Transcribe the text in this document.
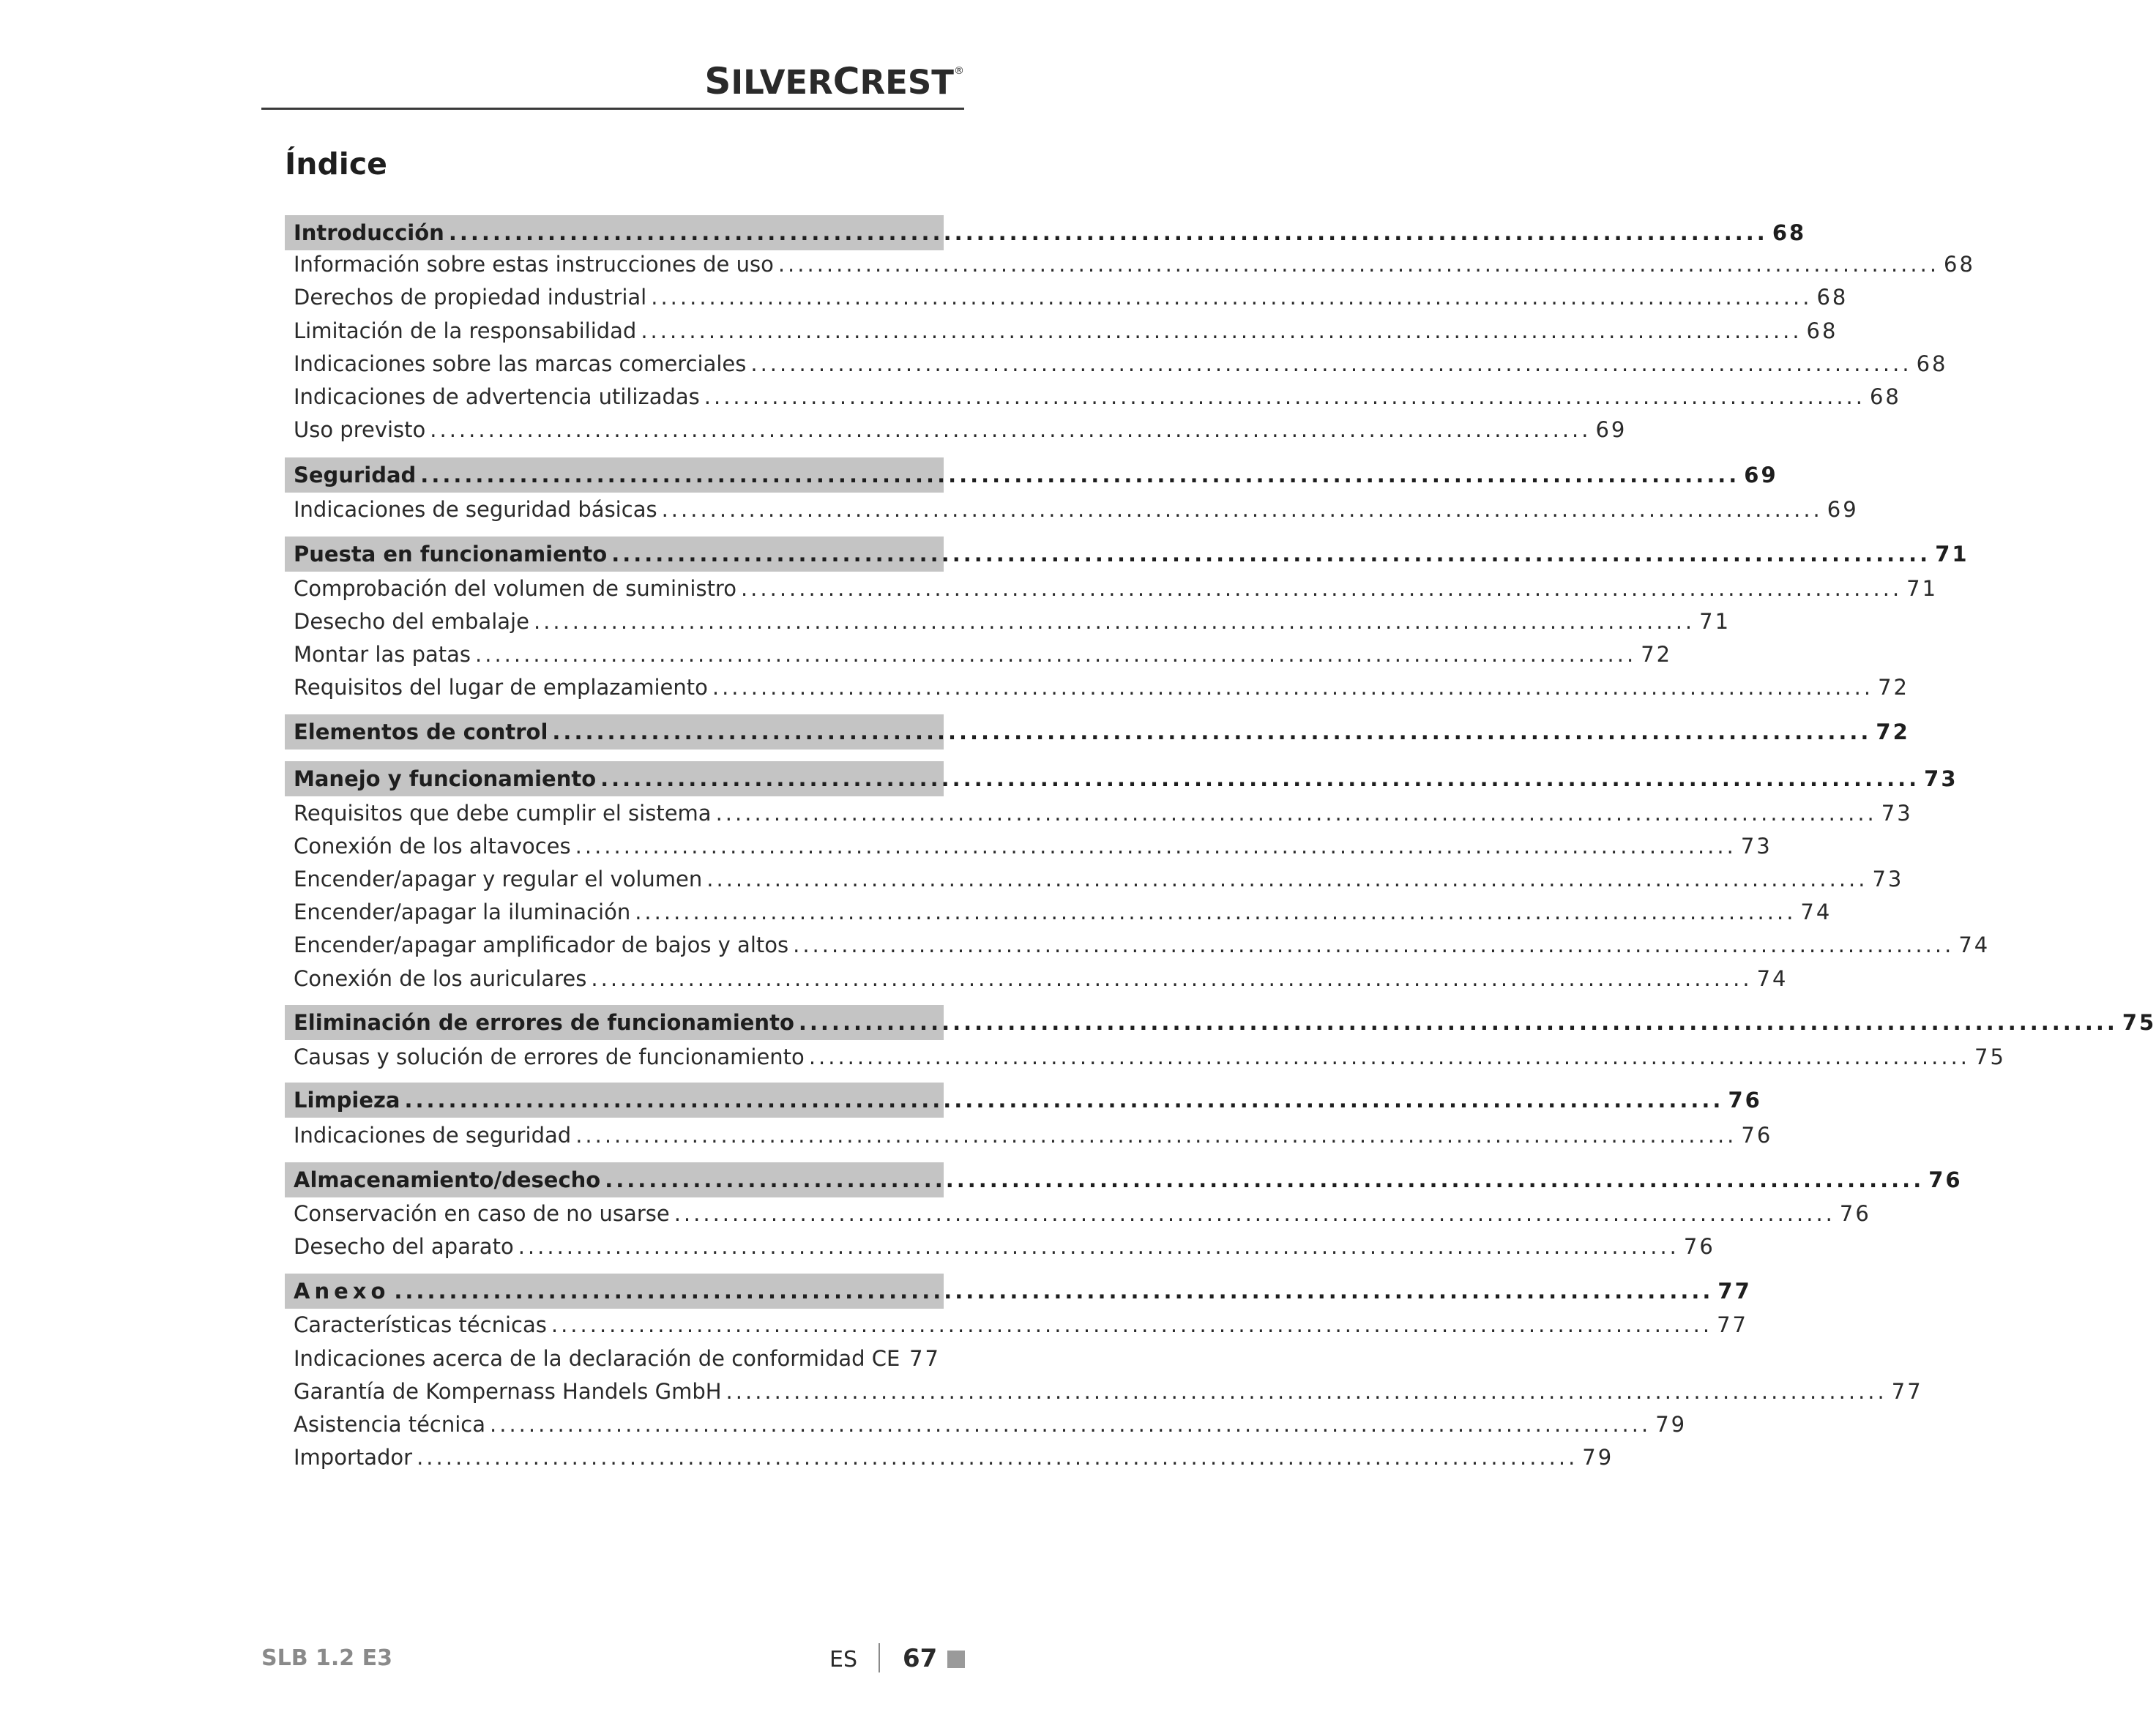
SILVERCREST®
Índice
Introducción ........................................................................................................................ 68
Información sobre estas instrucciones de uso ........................................................................................................................ 68
Derechos de propiedad industrial ........................................................................................................................ 68
Limitación de la responsabilidad ........................................................................................................................ 68
Indicaciones sobre las marcas comerciales ........................................................................................................................ 68
Indicaciones de advertencia utilizadas ........................................................................................................................ 68
Uso previsto ........................................................................................................................ 69
Seguridad ........................................................................................................................ 69
Indicaciones de seguridad básicas ........................................................................................................................ 69
Puesta en funcionamiento ........................................................................................................................ 71
Comprobación del volumen de suministro ........................................................................................................................ 71
Desecho del embalaje ........................................................................................................................ 71
Montar las patas ........................................................................................................................ 72
Requisitos del lugar de emplazamiento ........................................................................................................................ 72
Elementos de control ........................................................................................................................ 72
Manejo y funcionamiento ........................................................................................................................ 73
Requisitos que debe cumplir el sistema ........................................................................................................................ 73
Conexión de los altavoces ........................................................................................................................ 73
Encender/apagar y regular el volumen ........................................................................................................................ 73
Encender/apagar la iluminación ........................................................................................................................ 74
Encender/apagar amplificador de bajos y altos ........................................................................................................................ 74
Conexión de los auriculares ........................................................................................................................ 74
Eliminación de errores de funcionamiento ........................................................................................................................ 75
Causas y solución de errores de funcionamiento ........................................................................................................................ 75
Limpieza ........................................................................................................................ 76
Indicaciones de seguridad ........................................................................................................................ 76
Almacenamiento/desecho ........................................................................................................................ 76
Conservación en caso de no usarse ........................................................................................................................ 76
Desecho del aparato ........................................................................................................................ 76
Anexo ........................................................................................................................ 77
Características técnicas ........................................................................................................................ 77
Indicaciones acerca de la declaración de conformidad CE 77
Garantía de Kompernass Handels GmbH ........................................................................................................................ 77
Asistencia técnica ........................................................................................................................ 79
Importador ........................................................................................................................ 79
SLB 1.2 E3	ES 67
